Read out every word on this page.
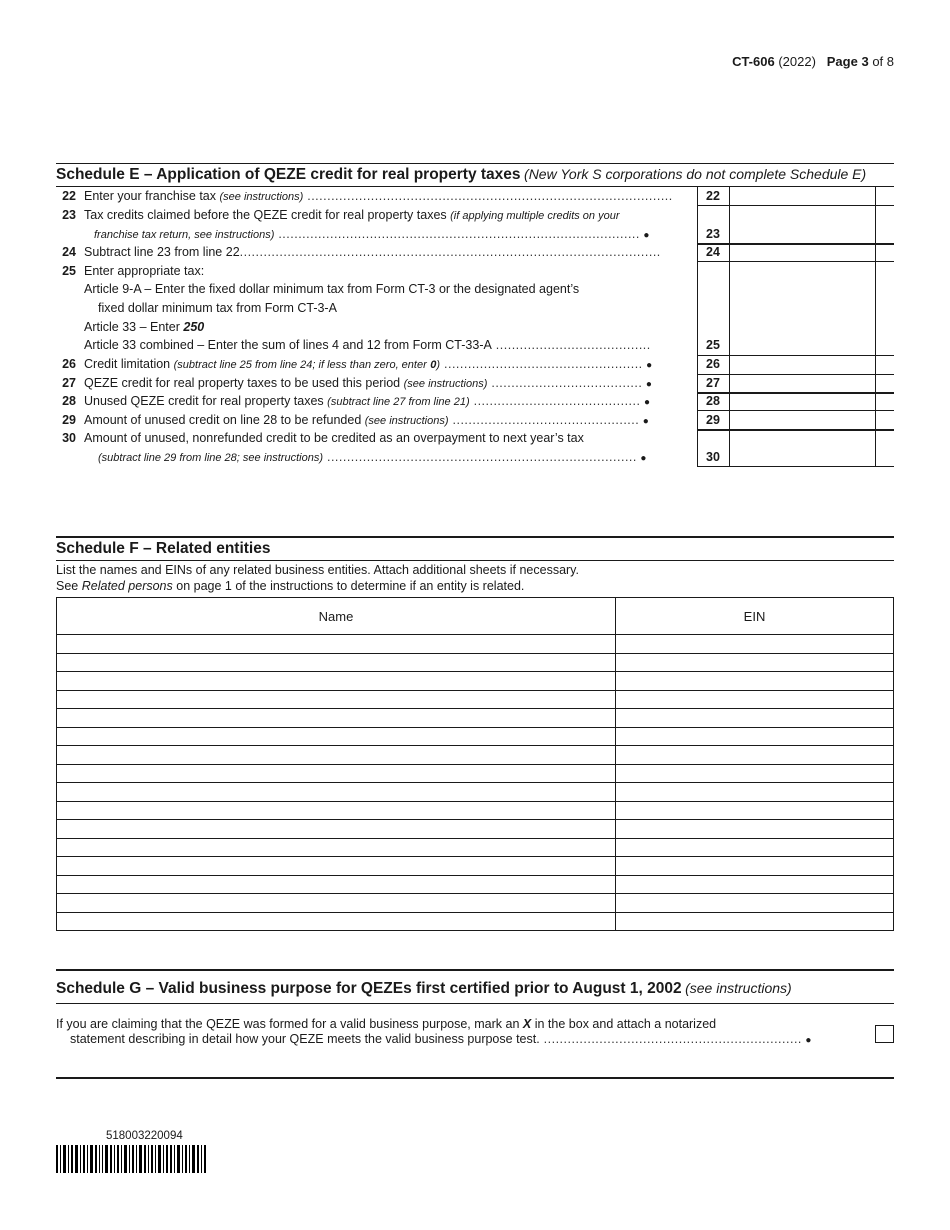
CT-606 (2022) Page 3 of 8
Schedule E – Application of QEZE credit for real property taxes (New York S corporations do not complete Schedule E)
22 Enter your franchise tax (see instructions) ............................................................................................	22
23 Tax credits claimed before the QEZE credit for real property taxes (if applying multiple credits on your
franchise tax return, see instructions) ........................................................................................... ●	23
24 Subtract line 23 from line 22..........................................................................................................	24
25 Enter appropriate tax:
Article 9-A – Enter the fixed dollar minimum tax from Form CT-3 or the designated agent’s
fixed dollar minimum tax from Form CT-3-A
Article 33 – Enter 250
Article 33 combined – Enter the sum of lines 4 and 12 from Form CT-33-A .......................................	25
26 Credit limitation (subtract line 25 from line 24; if less than zero, enter 0) .................................................. ●	26
27 QEZE credit for real property taxes to be used this period (see instructions) ...................................... ●	27
28 Unused QEZE credit for real property taxes (subtract line 27 from line 21) .......................................... ●	28
29 Amount of unused credit on line 28 to be refunded (see instructions) ............................................... ●	29
30 Amount of unused, nonrefunded credit to be credited as an overpayment to next year’s tax
(subtract line 29 from line 28; see instructions) .............................................................................. ●	30
Schedule F – Related entities
List the names and EINs of any related business entities. Attach additional sheets if necessary.
See Related persons on page 1 of the instructions to determine if an entity is related.
Name	EIN

Schedule G – Valid business purpose for QEZEs first certified prior to August 1, 2002 (see instructions)
If you are claiming that the QEZE was formed for a valid business purpose, mark an X in the box and attach a notarized
statement describing in detail how your QEZE meets the valid business purpose test. ................................................................. ●
518003220094
